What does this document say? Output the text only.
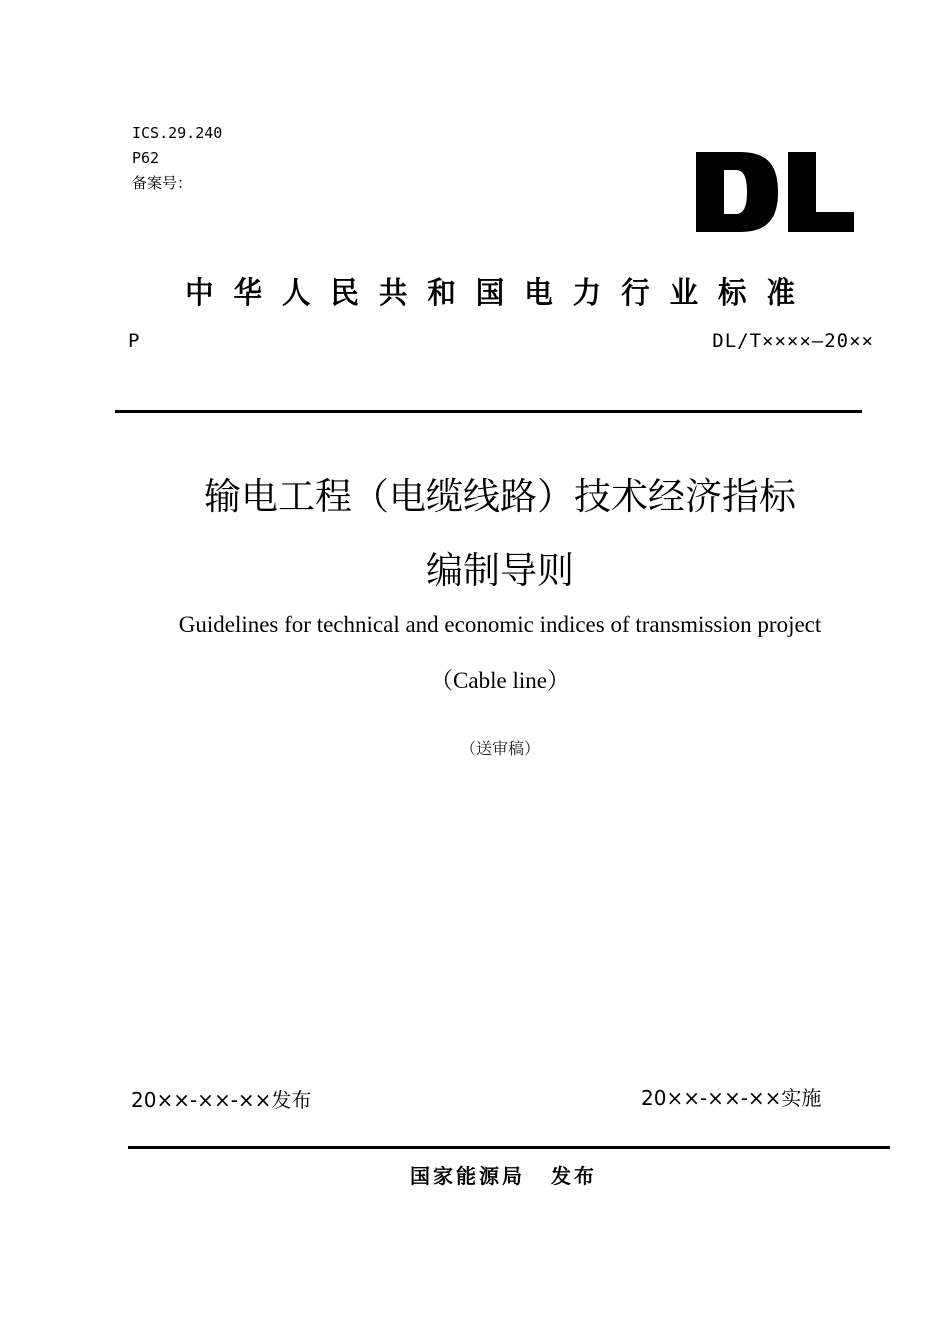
ICS.29.240
P62
备案号：
中华人民共和国电力行业标准
P	DL/T××××—20××
输电工程（电缆线路）技术经济指标
编制导则
Guidelines for technical and economic indices of transmission project
（Cable line）
（送审稿）
20××-××-××发布	20××-××-××实施
国家能源局 发布
